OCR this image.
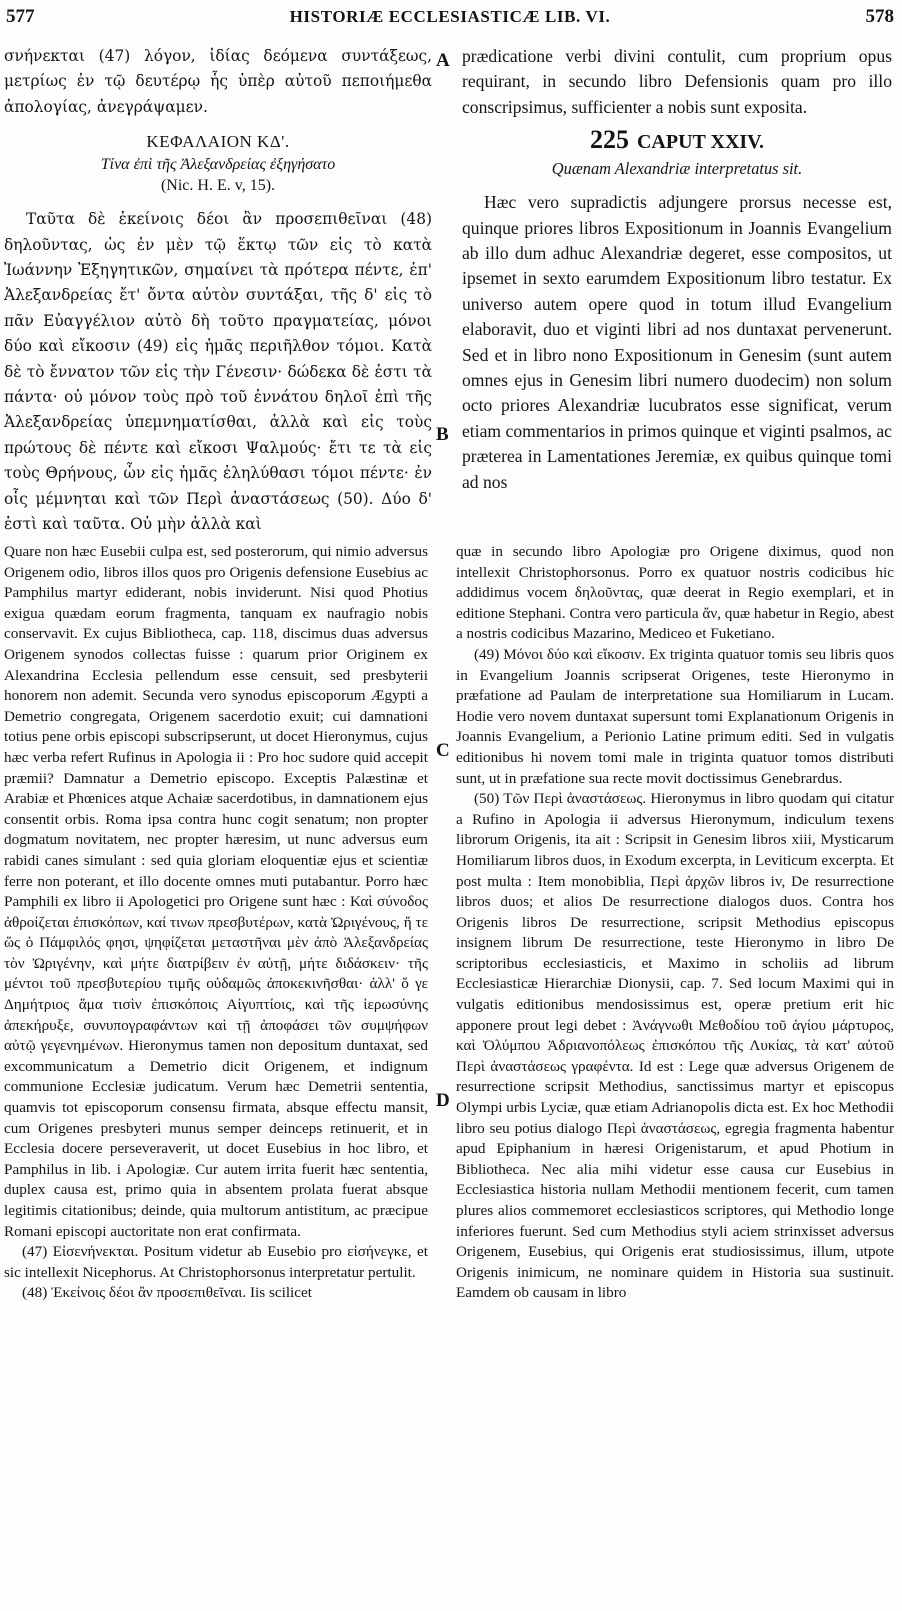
577	HISTORIÆ ECCLESIASTICÆ LIB. VI.	578
σνήνεκται (47) λόγον, ἰδίας δεόμενα συντάξεως, μετρίως ἐν τῷ δευτέρῳ ἧς ὑπὲρ αὐτοῦ πεποιήμεθα ἀπολογίας, ἀνεγράψαμεν.
ΚΕΦΑΛΑΙΟΝ ΚΔ'.
Τίνα ἐπὶ τῆς Ἀλεξανδρείας ἐξηγήσατο
(Nic. H. E. v, 15).
Ταῦτα δὲ ἐκείνοις δέοι ἂν προσεπιθεῖναι (48) δηλοῦντας, ὡς ἐν μὲν τῷ ἕκτῳ τῶν εἰς τὸ κατὰ Ἰωάννην Ἐξηγητικῶν, σημαίνει τὰ πρότερα πέντε, ἐπ' Ἀλεξανδρείας ἔτ' ὄντα αὐτὸν συντάξαι, τῆς δ' εἰς τὸ πᾶν Εὐαγγέλιον αὐτὸ δὴ τοῦτο πραγματείας, μόνοι δύο καὶ εἴκοσιν (49) εἰς ἡμᾶς περιῆλθον τόμοι. Κατὰ δὲ τὸ ἔννατον τῶν εἰς τὴν Γένεσιν· δώδεκα δὲ ἐστι τὰ πάντα· οὐ μόνον τοὺς πρὸ τοῦ ἐννάτου δηλοῖ ἐπὶ τῆς Ἀλεξανδρείας ὑπεμνηματίσθαι, ἀλλὰ καὶ εἰς τοὺς πρώτους δὲ πέντε καὶ εἴκοσι Ψαλμούς· ἔτι τε τὰ εἰς τοὺς Θρήνους, ὧν εἰς ἡμᾶς ἐληλύθασι τόμοι πέντε· ἐν οἷς μέμνηται καὶ τῶν Περὶ ἀναστάσεως (50). Δύο δ' ἐστὶ καὶ ταῦτα. Οὐ μὴν ἀλλὰ καὶ
A
B
C
D
prædicatione verbi divini contulit, cum proprium opus requirant, in secundo libro Defensionis quam pro illo conscripsimus, sufficienter a nobis sunt exposita.
225 CAPUT XXIV.
Quænam Alexandriæ interpretatus sit.
Hæc vero supradictis adjungere prorsus necesse est, quinque priores libros Expositionum in Joannis Evangelium ab illo dum adhuc Alexandriæ degeret, esse compositos, ut ipsemet in sexto earumdem Expositionum libro testatur. Ex universo autem opere quod in totum illud Evangelium elaboravit, duo et viginti libri ad nos duntaxat pervenerunt. Sed et in libro nono Expositionum in Genesim (sunt autem omnes ejus in Genesim libri numero duodecim) non solum octo priores Alexandriæ lucubratos esse significat, verum etiam commentarios in primos quinque et viginti psalmos, ac præterea in Lamentationes Jeremiæ, ex quibus quinque tomi ad nos

Quare non hæc Eusebii culpa est, sed posterorum, qui nimio adversus Origenem odio, libros illos quos pro Origenis defensione Eusebius ac Pamphilus martyr ediderant, nobis inviderunt. Nisi quod Photius exigua quædam eorum fragmenta, tanquam ex naufragio nobis conservavit. Ex cujus Bibliotheca, cap. 118, discimus duas adversus Origenem synodos collectas fuisse : quarum prior Originem ex Alexandrina Ecclesia pellendum esse censuit, sed presbyterii honorem non ademit. Secunda vero synodus episcoporum Ægypti a Demetrio congregata, Origenem sacerdotio exuit; cui damnationi totius pene orbis episcopi subscripserunt, ut docet Hieronymus, cujus hæc verba refert Rufinus in Apologia ii : Pro hoc sudore quid accepit præmii? Damnatur a Demetrio episcopo. Exceptis Palæstinæ et Arabiæ et Phœnices atque Achaiæ sacerdotibus, in damnationem ejus consentit orbis. Roma ipsa contra hunc cogit senatum; non propter dogmatum novitatem, nec propter hæresim, ut nunc adversus eum rabidi canes simulant : sed quia gloriam eloquentiæ ejus et scientiæ ferre non poterant, et illo docente omnes muti putabantur. Porro hæc Pamphili ex libro ii Apologetici pro Origene sunt hæc : Καὶ σύνοδος ἀθροίζεται ἐπισκόπων, καί τινων πρεσβυτέρων, κατὰ Ὠριγένους, ἥ τε ὥς ὁ Πάμφιλός φησι, ψηφίζεται μεταστῆναι μὲν ἀπὸ Ἀλεξανδρείας τὸν Ὠριγένην, καὶ μήτε διατρίβειν ἐν αὐτῇ, μήτε διδάσκειν· τῆς μέντοι τοῦ πρεσβυτερίου τιμῆς οὐδαμῶς ἀποκεκινῆσθαι· ἀλλ' ὅ γε Δημήτριος ἅμα τισὶν ἐπισκόποις Αἰγυπτίοις, καὶ τῆς ἱερωσύνης ἀπεκήρυξε, συνυπογραφάντων καὶ τῇ ἀποφάσει τῶν συμψήφων αὐτῷ γεγενημένων. Hieronymus tamen non depositum duntaxat, sed excommunicatum a Demetrio dicit Origenem, et indignum communione Ecclesiæ judicatum. Verum hæc Demetrii sententia, quamvis tot episcoporum consensu firmata, absque effectu mansit, cum Origenes presbyteri munus semper deinceps retinuerit, et in Ecclesia docere perseveraverit, ut docet Eusebius in hoc libro, et Pamphilus in lib. i Apologiæ. Cur autem irrita fuerit hæc sententia, duplex causa est, primo quia in absentem prolata fuerat absque legitimis citationibus; deinde, quia multorum antistitum, ac præcipue Romani episcopi auctoritate non erat confirmata.

(47) Εἰσενήνεκται. Positum videtur ab Eusebio pro εἰσήνεγκε, et sic intellexit Nicephorus. At Christophorsonus interpretatur pertulit.

(48) Ἐκείνοις δέοι ἂν προσεπιθεῖναι. Iis scilicet

quæ in secundo libro Apologiæ pro Origene diximus, quod non intellexit Christophorsonus. Porro ex quatuor nostris codicibus hic addidimus vocem δηλοῦντας, quæ deerat in Regio exemplari, et in editione Stephani. Contra vero particula ἄν, quæ habetur in Regio, abest a nostris codicibus Mazarino, Mediceo et Fuketiano.

(49) Μόνοι δύο καὶ εἴκοσιν. Ex triginta quatuor tomis seu libris quos in Evangelium Joannis scripserat Origenes, teste Hieronymo in præfatione ad Paulam de interpretatione sua Homiliarum in Lucam. Hodie vero novem duntaxat supersunt tomi Explanationum Origenis in Joannis Evangelium, a Perionio Latine primum editi. Sed in vulgatis editionibus hi novem tomi male in triginta quatuor tomos distributi sunt, ut in præfatione sua recte movit doctissimus Genebrardus.

(50) Τῶν Περὶ ἀναστάσεως. Hieronymus in libro quodam qui citatur a Rufino in Apologia ii adversus Hieronymum, indiculum texens librorum Origenis, ita ait : Scripsit in Genesim libros xiii, Mysticarum Homiliarum libros duos, in Exodum excerpta, in Leviticum excerpta. Et post multa : Item monobiblia, Περὶ ἀρχῶν libros iv, De resurrectione libros duos; et alios De resurrectione dialogos duos. Contra hos Origenis libros De resurrectione, scripsit Methodius episcopus insignem librum De resurrectione, teste Hieronymo in libro De scriptoribus ecclesiasticis, et Maximo in scholiis ad librum Ecclesiasticæ Hierarchiæ Dionysii, cap. 7. Sed locum Maximi qui in vulgatis editionibus mendosissimus est, operæ pretium erit hic apponere prout legi debet : Ἀνάγνωθι Μεθοδίου τοῦ ἁγίου μάρτυρος, καὶ Ὀλύμπου Ἀδριανοπόλεως ἐπισκόπου τῆς Λυκίας, τὰ κατ' αὐτοῦ Περὶ ἀναστάσεως γραφέντα. Id est : Lege quæ adversus Origenem de resurrectione scripsit Methodius, sanctissimus martyr et episcopus Olympi urbis Lyciæ, quæ etiam Adrianopolis dicta est. Ex hoc Methodii libro seu potius dialogo Περὶ ἀναστάσεως, egregia fragmenta habentur apud Epiphanium in hæresi Origenistarum, et apud Photium in Bibliotheca. Nec alia mihi videtur esse causa cur Eusebius in Ecclesiastica historia nullam Methodii mentionem fecerit, cum tamen plures alios commemoret ecclesiasticos scriptores, qui Methodio longe inferiores fuerunt. Sed cum Methodius styli aciem strinxisset adversus Origenem, Eusebius, qui Origenis erat studiosissimus, illum, utpote Origenis inimicum, ne nominare quidem in Historia sua sustinuit. Eamdem ob causam in libro
